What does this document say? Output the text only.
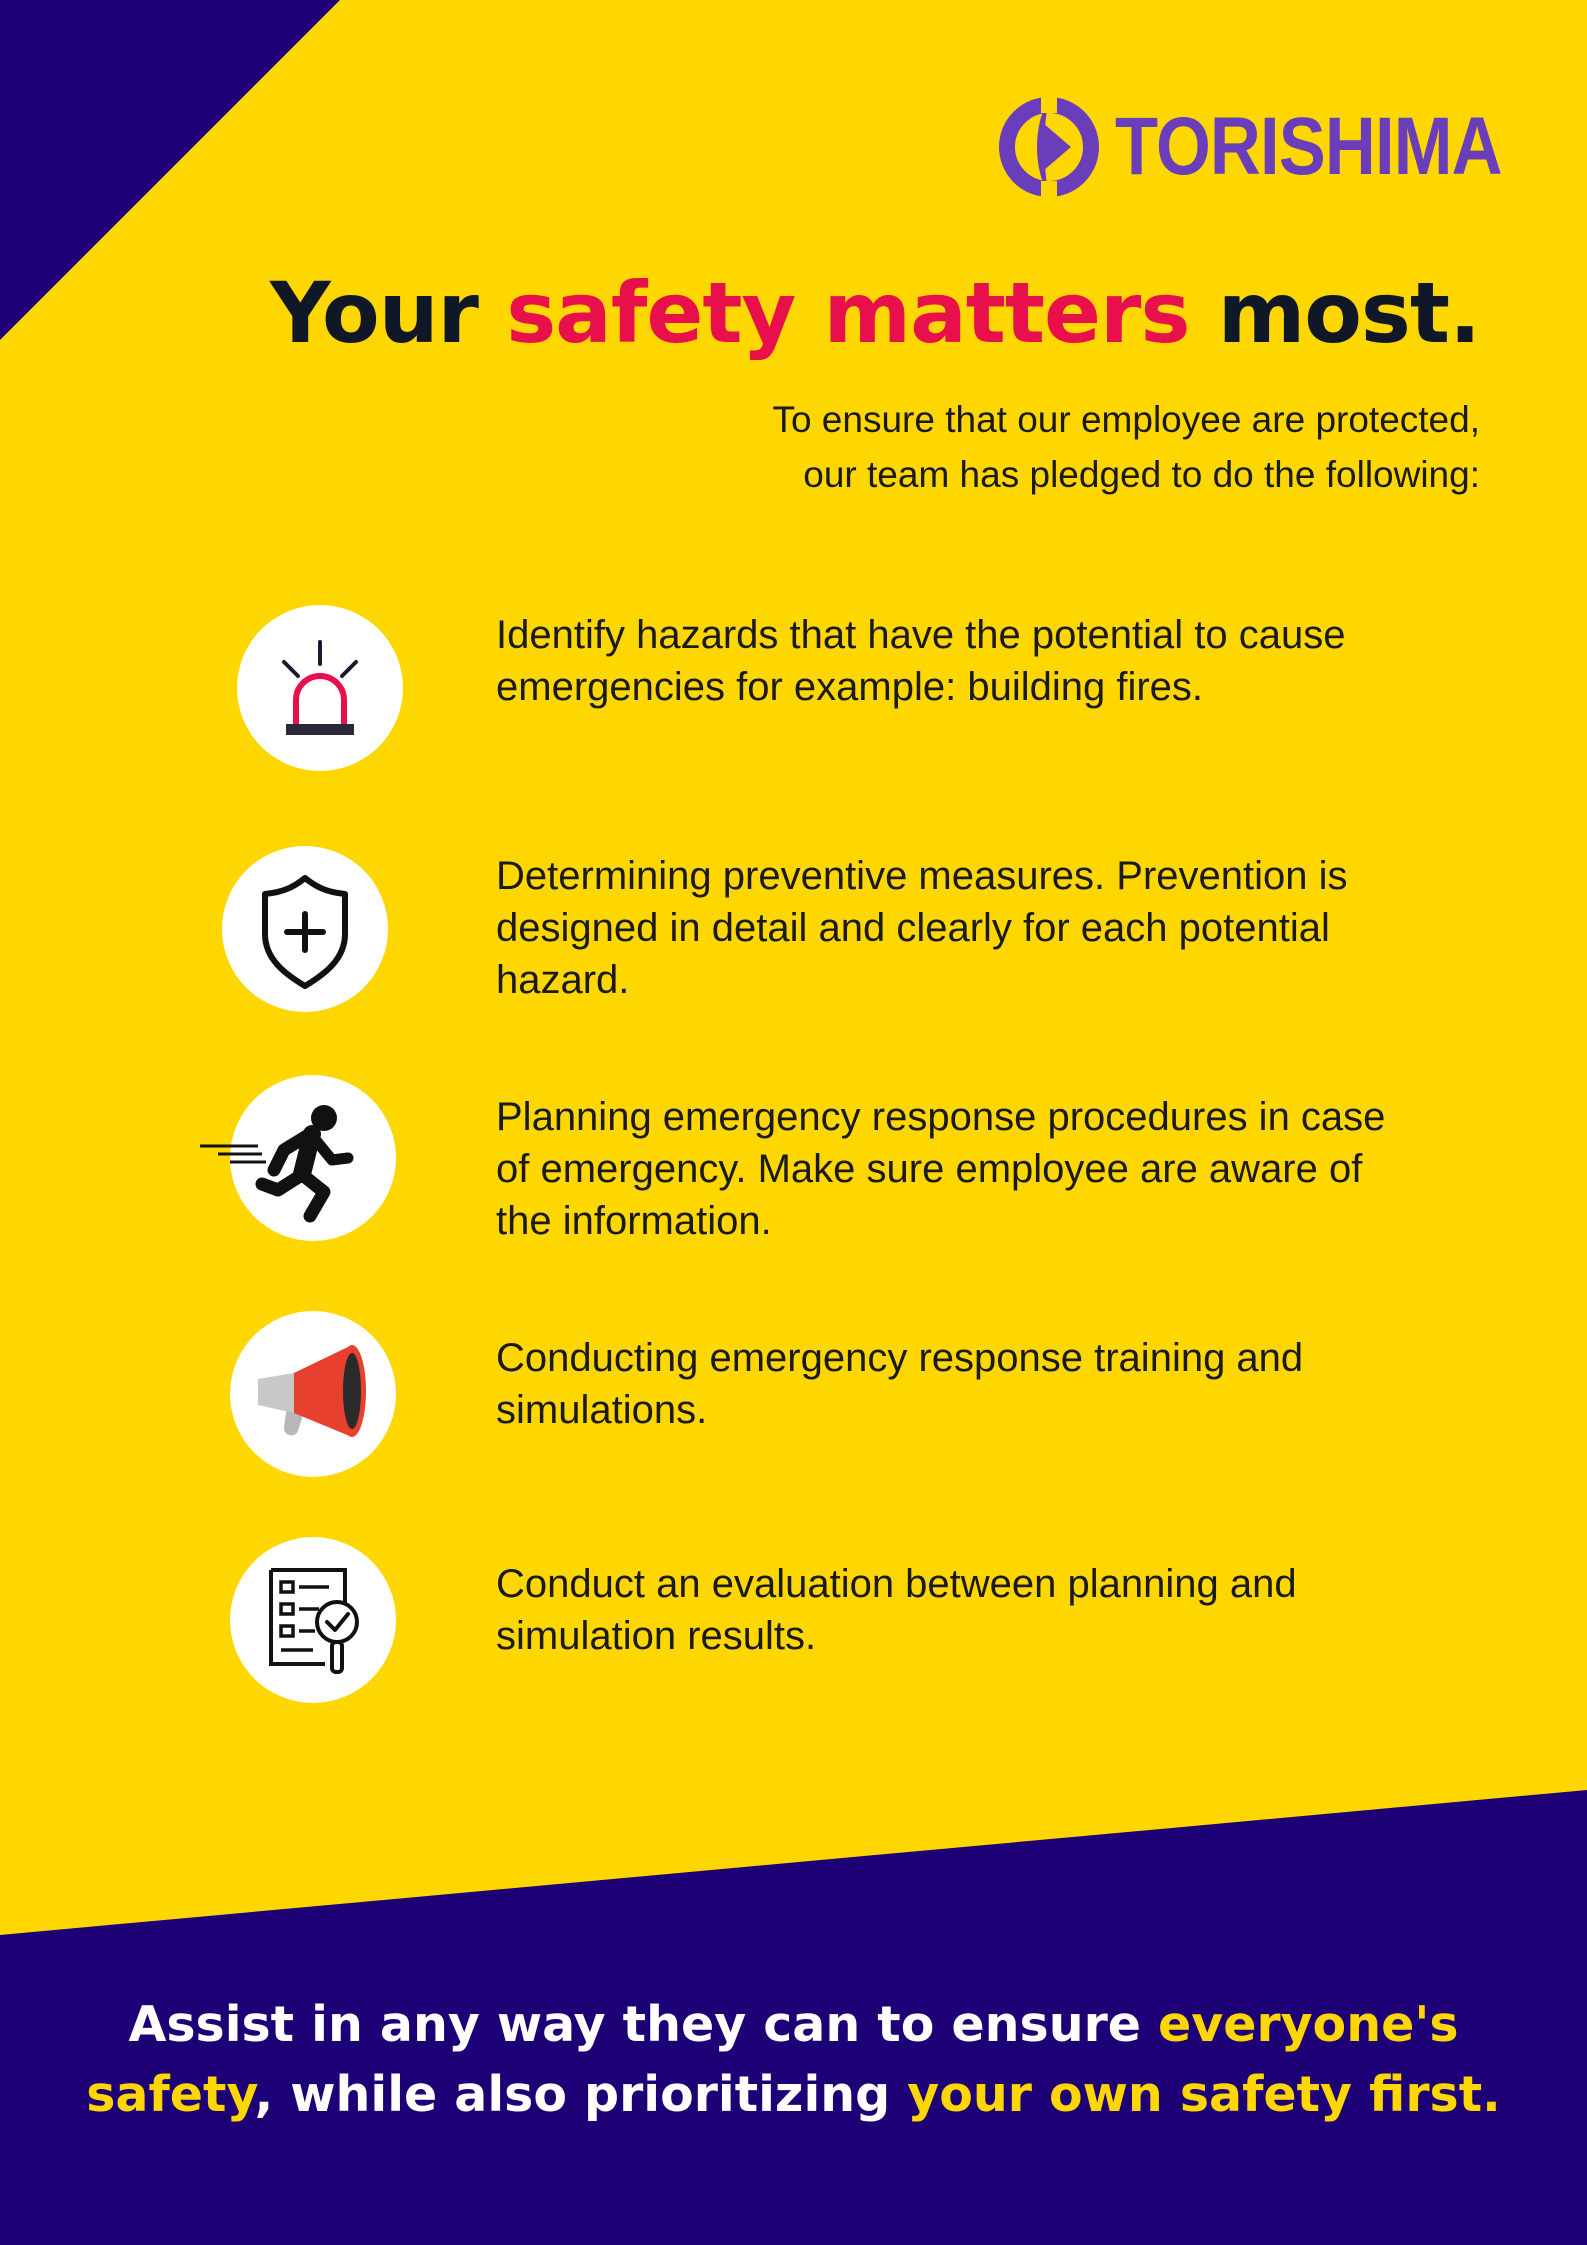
TORISHIMA
Your safety matters most.
To ensure that our employee are protected,
our team has pledged to do the following:
Identify hazards that have the potential to cause emergencies for example: building fires.
Determining preventive measures. Prevention is designed in detail and clearly for each potential hazard.
Planning emergency response procedures in case of emergency. Make sure employee are aware of the information.
Conducting emergency response training and simulations.
Conduct an evaluation between planning and simulation results.
Assist in any way they can to ensure everyone's safety, while also prioritizing your own safety first.
